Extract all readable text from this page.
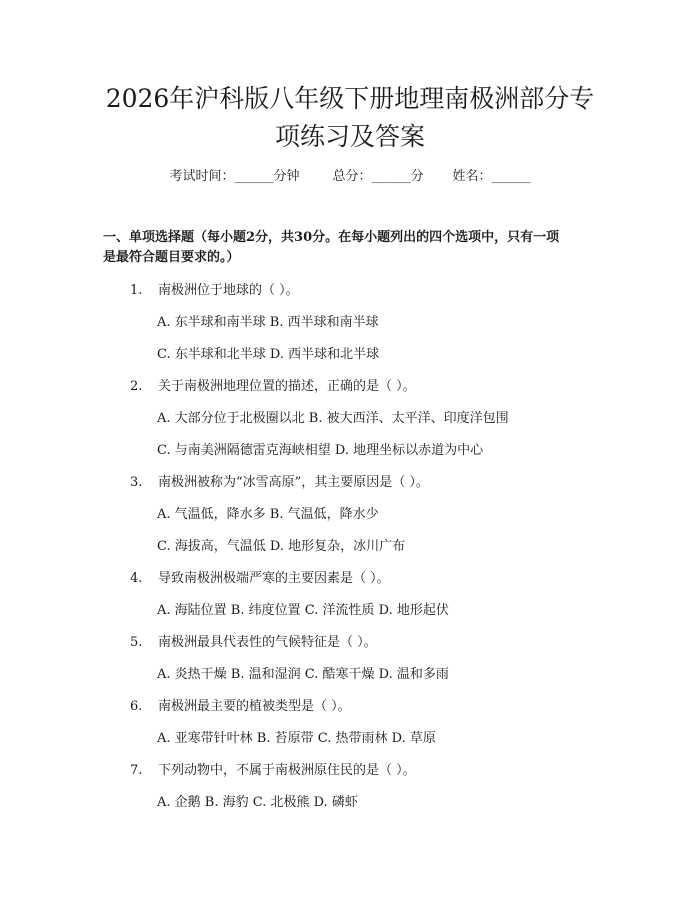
2026年沪科版八年级下册地理南极洲部分专
项练习及答案
考试时间：______分钟	总分：______分 姓名：______

一、单项选择题（每小题2分，共30分。在每小题列出的四个选项中，只有一项
是最符合题目要求的。）

1. 南极洲位于地球的（ ）。
A. 东半球和南半球 B. 西半球和南半球
C. 东半球和北半球 D. 西半球和北半球
2. 关于南极洲地理位置的描述，正确的是（ ）。
A. 大部分位于北极圈以北 B. 被大西洋、太平洋、印度洋包围
C. 与南美洲隔德雷克海峡相望 D. 地理坐标以赤道为中心
3. 南极洲被称为“冰雪高原”，其主要原因是（ ）。
A. 气温低，降水多 B. 气温低，降水少
C. 海拔高，气温低 D. 地形复杂，冰川广布
4. 导致南极洲极端严寒的主要因素是（ ）。
A. 海陆位置 B. 纬度位置 C. 洋流性质 D. 地形起伏
5. 南极洲最具代表性的气候特征是（ ）。
A. 炎热干燥 B. 温和湿润 C. 酷寒干燥 D. 温和多雨
6. 南极洲最主要的植被类型是（ ）。
A. 亚寒带针叶林 B. 苔原带 C. 热带雨林 D. 草原
7. 下列动物中，不属于南极洲原住民的是（ ）。
A. 企鹅 B. 海豹 C. 北极熊 D. 磷虾
